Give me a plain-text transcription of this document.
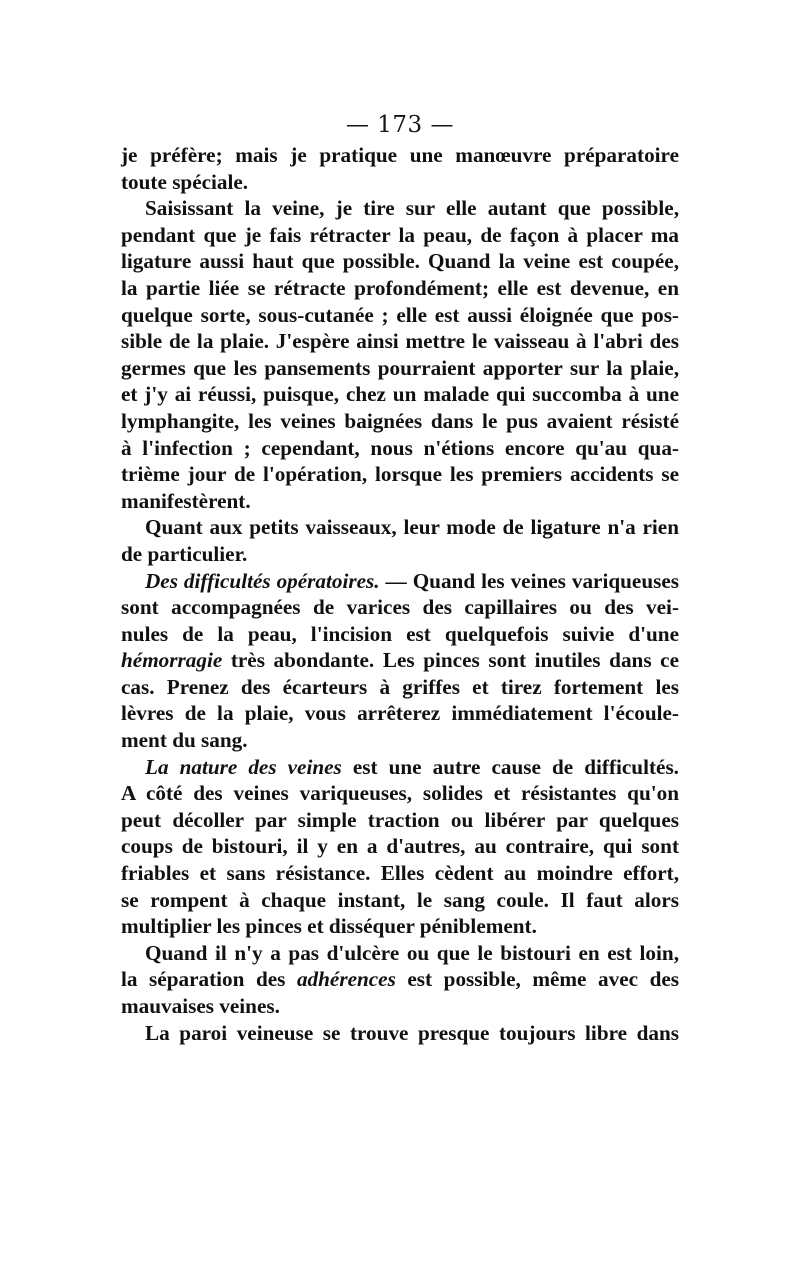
— 173 —
je préfère; mais je pratique une manœuvre préparatoire
toute spéciale.
Saisissant la veine, je tire sur elle autant que possible,
pendant que je fais rétracter la peau, de façon à placer ma
ligature aussi haut que possible. Quand la veine est coupée,
la partie liée se rétracte profondément; elle est devenue, en
quelque sorte, sous-cutanée ; elle est aussi éloignée que pos-
sible de la plaie. J'espère ainsi mettre le vaisseau à l'abri des
germes que les pansements pourraient apporter sur la plaie,
et j'y ai réussi, puisque, chez un malade qui succomba à une
lymphangite, les veines baignées dans le pus avaient résisté
à l'infection ; cependant, nous n'étions encore qu'au qua-
trième jour de l'opération, lorsque les premiers accidents se
manifestèrent.
Quant aux petits vaisseaux, leur mode de ligature n'a rien
de particulier.
Des difficultés opératoires. — Quand les veines variqueuses
sont accompagnées de varices des capillaires ou des vei-
nules de la peau, l'incision est quelquefois suivie d'une
hémorragie très abondante. Les pinces sont inutiles dans ce
cas. Prenez des écarteurs à griffes et tirez fortement les
lèvres de la plaie, vous arrêterez immédiatement l'écoule-
ment du sang.
La nature des veines est une autre cause de difficultés.
A côté des veines variqueuses, solides et résistantes qu'on
peut décoller par simple traction ou libérer par quelques
coups de bistouri, il y en a d'autres, au contraire, qui sont
friables et sans résistance. Elles cèdent au moindre effort,
se rompent à chaque instant, le sang coule. Il faut alors
multiplier les pinces et disséquer péniblement.
Quand il n'y a pas d'ulcère ou que le bistouri en est loin,
la séparation des adhérences est possible, même avec des
mauvaises veines.
La paroi veineuse se trouve presque toujours libre dans
